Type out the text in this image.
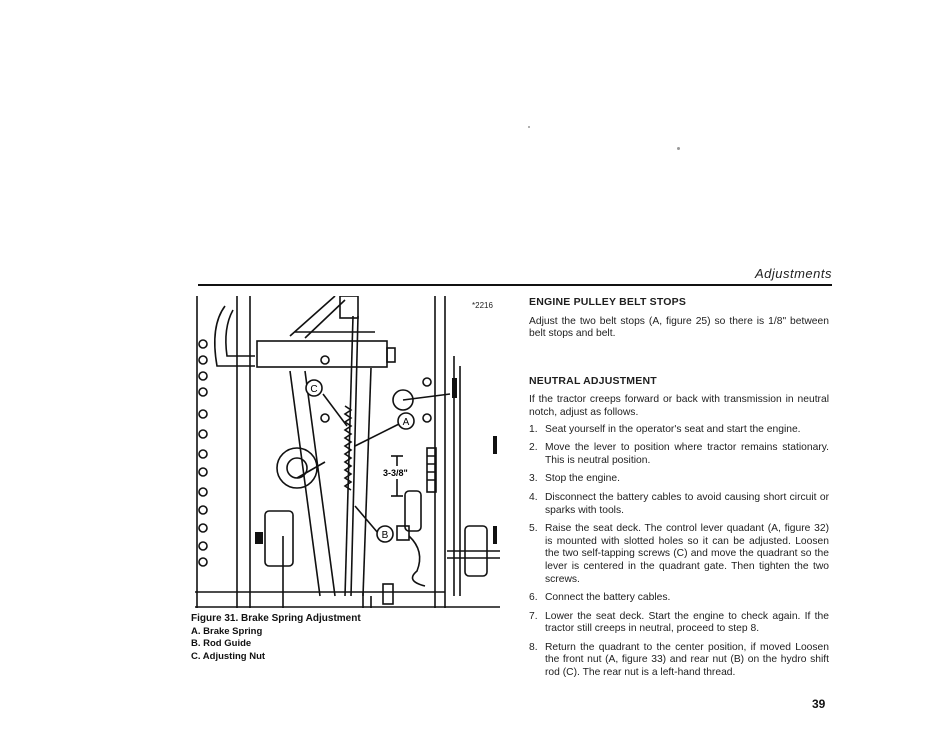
Adjustments
C
A
B
3-3/8"
*2216
Figure 31. Brake Spring Adjustment
A. Brake Spring
B. Rod Guide
C. Adjusting Nut
ENGINE PULLEY BELT STOPS

Adjust the two belt stops (A, figure 25) so there is 1/8" between belt stops and belt.

NEUTRAL ADJUSTMENT

If the tractor creeps forward or back with transmission in neutral notch, adjust as follows.

1. Seat yourself in the operator's seat and start the engine.
2. Move the lever to position where tractor remains stationary. This is neutral position.
3. Stop the engine.
4. Disconnect the battery cables to avoid causing short circuit or sparks with tools.
5. Raise the seat deck. The control lever quadant (A, figure 32) is mounted with slotted holes so it can be adjusted. Loosen the two self-tapping screws (C) and move the quadrant so the lever is centered in the quadrant gate. Then tighten the two screws.
6. Connect the battery cables.
7. Lower the seat deck. Start the engine to check again. If the tractor still creeps in neutral, proceed to step 8.
8. Return the quadrant to the center position, if moved Loosen the front nut (A, figure 33) and rear nut (B) on the hydro shift rod (C). The rear nut is a left-hand thread.
39
